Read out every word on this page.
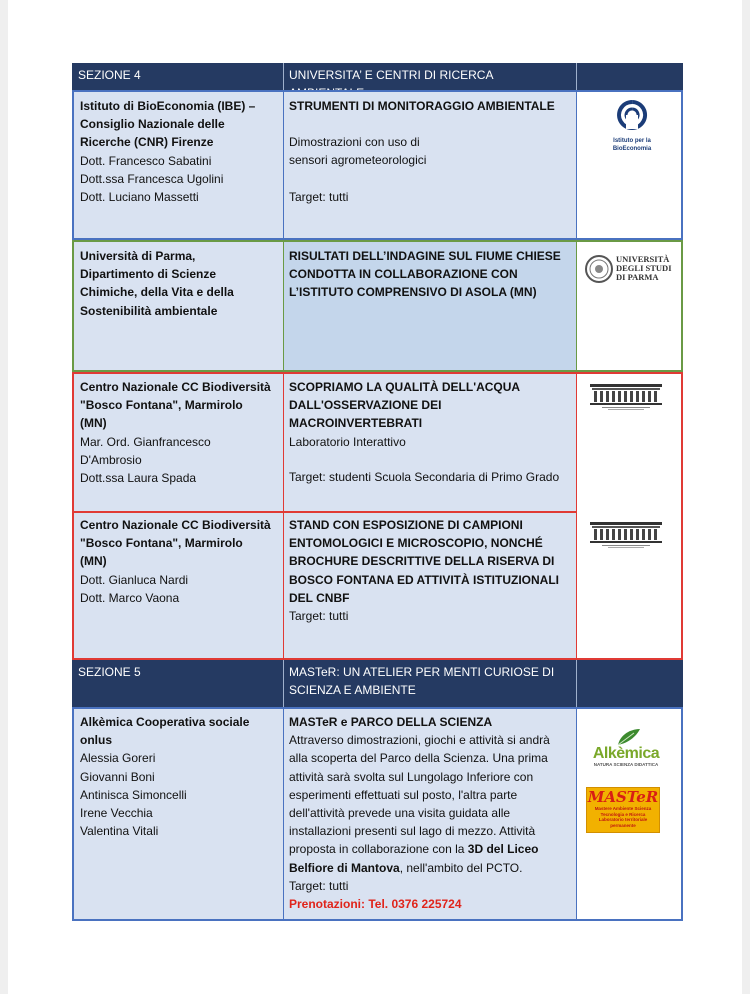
SEZIONE 4	UNIVERSITA’ E CENTRI DI RICERCA
Istituto di BioEconomia (IBE) –
Consiglio Nazionale delle
Ricerche (CNR) Firenze
Dott. Francesco Sabatini
Dott.ssa Francesca Ugolini
Dott. Luciano Massetti
STRUMENTI DI MONITORAGGIO AMBIENTALE
Dimostrazioni con uso di
sensori agrometeorologici
Target: tutti
Istituto per la
BioEconomia
Università di Parma,
Dipartimento di Scienze
Chimiche, della Vita e della
Sostenibilità ambientale
RISULTATI DELL’INDAGINE SUL FIUME CHIESE
CONDOTTA IN COLLABORAZIONE CON
L’ISTITUTO COMPRENSIVO DI ASOLA (MN)
UNIVERSITÀ
DEGLI STUDI
DI PARMA
Centro Nazionale CC Biodiversità
"Bosco Fontana", Marmirolo
(MN)
Mar. Ord. Gianfrancesco
D'Ambrosio
Dott.ssa Laura Spada
SCOPRIAMO LA QUALITÀ DELL'ACQUA
DALL'OSSERVAZIONE DEI MACROINVERTEBRATI
Laboratorio Interattivo
Target: studenti Scuola Secondaria di Primo Grado
Centro Nazionale CC Biodiversità
"Bosco Fontana", Marmirolo
(MN)
Dott. Gianluca Nardi
Dott. Marco Vaona
STAND CON ESPOSIZIONE DI CAMPIONI
ENTOMOLOGICI E MICROSCOPIO, NONCHÉ
BROCHURE DESCRITTIVE DELLA RISERVA DI
BOSCO FONTANA ED ATTIVITÀ ISTITUZIONALI
DEL CNBF
Target: tutti
SEZIONE 5	MASTeR: UN ATELIER PER MENTI CURIOSE DI
SCIENZA E AMBIENTE
Alkèmica Cooperativa sociale
onlus
Alessia Goreri
Giovanni Boni
Antinisca Simoncelli
Irene Vecchia
Valentina Vitali
MASTeR e PARCO DELLA SCIENZA
Attraverso dimostrazioni, giochi e attività si andrà
alla scoperta del Parco della Scienza. Una prima
attività sarà svolta sul Lungolago Inferiore con
esperimenti effettuati sul posto, l'altra parte
dell'attività prevede una visita guidata alle
installazioni presenti sul lago di mezzo. Attività
proposta in collaborazione con la 3D del Liceo
Belfiore di Mantova, nell'ambito del PCTO.
Target: tutti
Prenotazioni: Tel. 0376 225724
Alkèmica
NATURA SCIENZA DIDATTICA
MASTeR
Mastere Ambiente Scienza
Tecnologia e Ricerca
Laboratorio territoriale permanente
